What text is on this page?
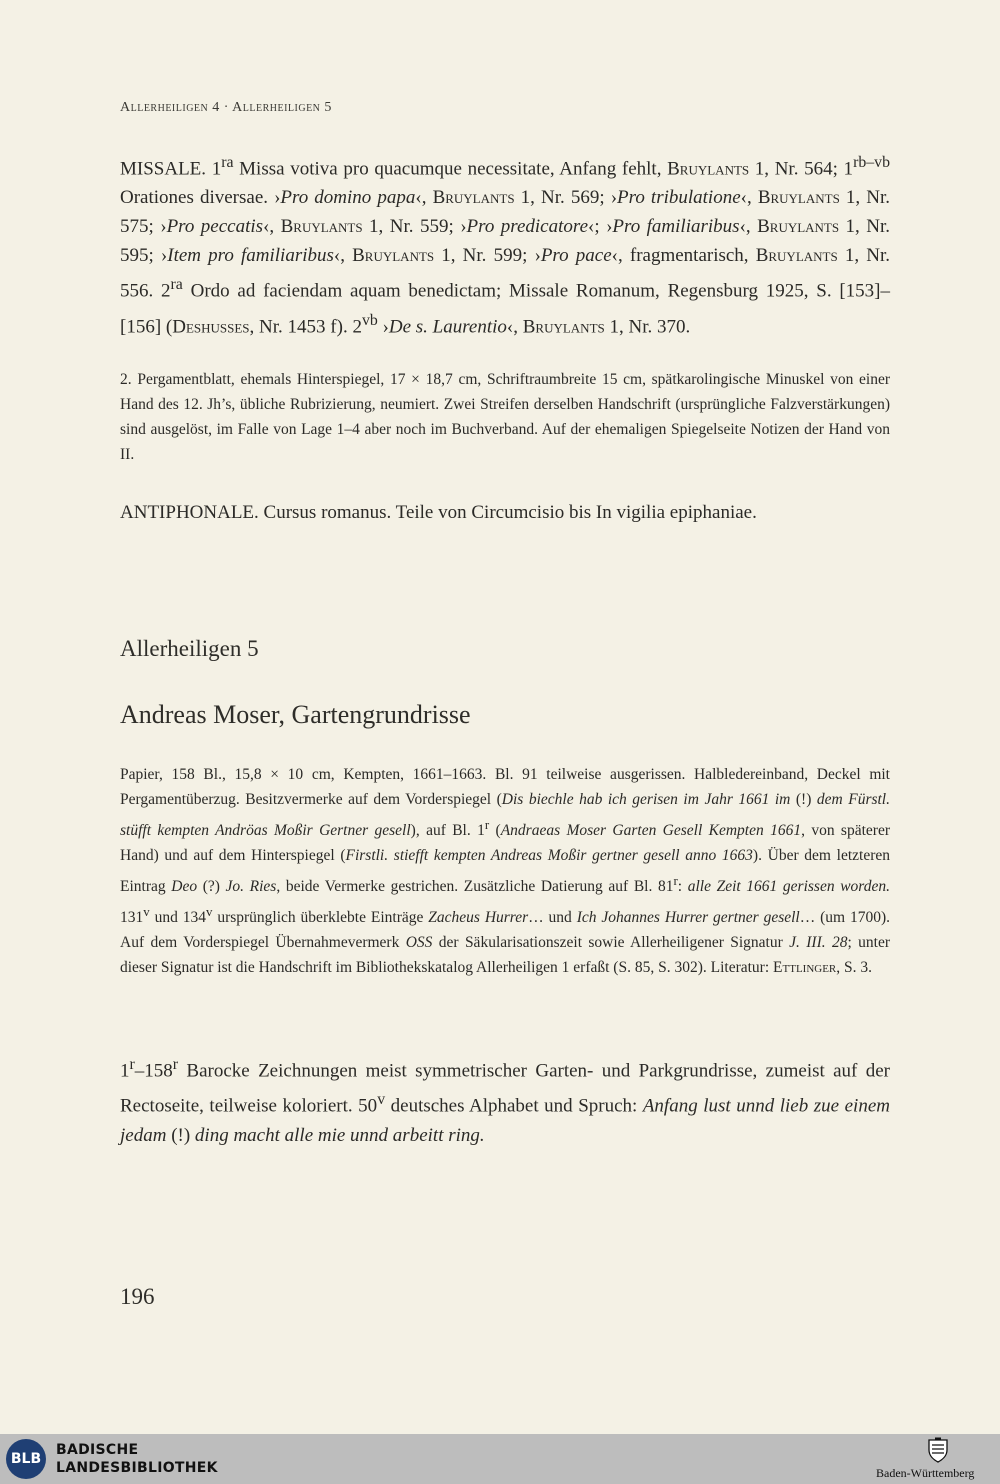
Allerheiligen 4 · Allerheiligen 5
MISSALE. $1^{ra}$ Missa votiva pro quacumque necessitate, Anfang fehlt, Bruylants 1, Nr. 564; $1^{rb-vb}$ Orationes diversae. ›Pro domino papa‹, Bruylants 1, Nr. 569; ›Pro tribulatione‹, Bruylants 1, Nr. 575; ›Pro peccatis‹, Bruylants 1, Nr. 559; ›Pro predicatore‹; ›Pro familiaribus‹, Bruylants 1, Nr. 595; ›Item pro familiaribus‹, Bruylants 1, Nr. 599; ›Pro pace‹, fragmentarisch, Bruylants 1, Nr. 556. $2^{ra}$ Ordo ad faciendam aquam benedictam; Missale Romanum, Regensburg 1925, S. [153]–[156] (Deshusses, Nr. 1453 f). $2^{vb}$ ›De s. Laurentio‹, Bruylants 1, Nr. 370.
2. Pergamentblatt, ehemals Hinterspiegel, 17 × 18,7 cm, Schriftraumbreite 15 cm, spätkarolingische Minuskel von einer Hand des 12. Jh’s, übliche Rubrizierung, neumiert. Zwei Streifen derselben Handschrift (ursprüngliche Falzverstärkungen) sind ausgelöst, im Falle von Lage 1–4 aber noch im Buchverband. Auf der ehemaligen Spiegelseite Notizen der Hand von II.
ANTIPHONALE. Cursus romanus. Teile von Circumcisio bis In vigilia epiphaniae.
Allerheiligen 5
Andreas Moser, Gartengrundrisse
Papier, 158 Bl., 15,8 × 10 cm, Kempten, 1661–1663. Bl. 91 teilweise ausgerissen. Halbledereinband, Deckel mit Pergamentüberzug. Besitzvermerke auf dem Vorderspiegel (Dis biechle hab ich gerisen im Jahr 1661 im (!) dem Fürstl. stüfft kempten Andröas Moßir Gertner gesell), auf Bl. 1$^r$ (Andraeas Moser Garten Gesell Kempten 1661, von späterer Hand) und auf dem Hinterspiegel (Firstli. stiefft kempten Andreas Moßir gertner gesell anno 1663). Über dem letzteren Eintrag Deo (?) Jo. Ries, beide Vermerke gestrichen. Zusätzliche Datierung auf Bl. 81$^r$: alle Zeit 1661 gerissen worden. 131$^v$ und 134$^v$ ursprünglich überklebte Einträge Zacheus Hurrer… und Ich Johannes Hurrer gertner gesell… (um 1700). Auf dem Vorderspiegel Übernahmevermerk OSS der Säkularisationszeit sowie Allerheiligener Signatur J. III. 28; unter dieser Signatur ist die Handschrift im Bibliothekskatalog Allerheiligen 1 erfaßt (S. 85, S. 302). Literatur: Ettlinger, S. 3.
1$^r$–158$^r$ Barocke Zeichnungen meist symmetrischer Garten- und Parkgrundrisse, zumeist auf der Rectoseite, teilweise koloriert. 50$^v$ deutsches Alphabet und Spruch: Anfang lust unnd lieb zue einem jedam (!) ding macht alle mie unnd arbeitt ring.
196
BLB
BADISCHE
LANDESBIBLIOTHEK	Baden-Württemberg
